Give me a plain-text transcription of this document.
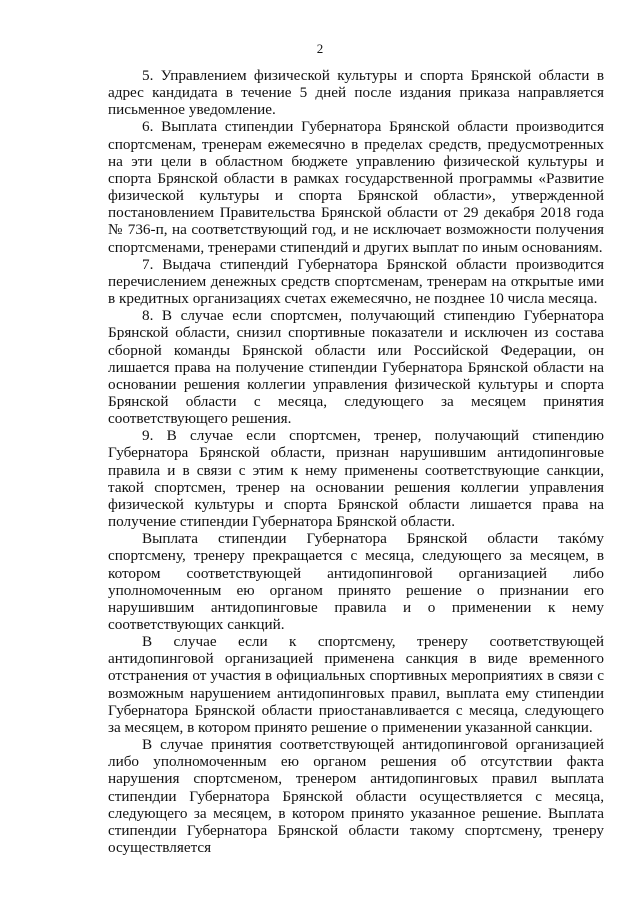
2

5. Управлением физической культуры и спорта Брянской области в адрес кандидата в течение 5 дней после издания приказа направляется письменное уведомление.

6. Выплата стипендии Губернатора Брянской области производится спортсменам, тренерам ежемесячно в пределах средств, предусмотренных на эти цели в областном бюджете управлению физической культуры и спорта Брянской области в рамках государственной программы «Развитие физической культуры и спорта Брянской области», утвержденной постановлением Правительства Брянской области от 29 декабря 2018 года № 736-п, на соответствующий год, и не исключает возможности получения спортсменами, тренерами стипендий и других выплат по иным основаниям.

7. Выдача стипендий Губернатора Брянской области производится перечислением денежных средств спортсменам, тренерам на открытые ими в кредитных организациях счетах ежемесячно, не позднее 10 числа месяца.

8. В случае если спортсмен, получающий стипендию Губернатора Брянской области, снизил спортивные показатели и исключен из состава сборной команды Брянской области или Российской Федерации, он лишается права на получение стипендии Губернатора Брянской области на основании решения коллегии управления физической культуры и спорта Брянской области с месяца, следующего за месяцем принятия соответствующего решения.

9. В случае если спортсмен, тренер, получающий стипендию Губернатора Брянской области, признан нарушившим антидопинговые правила и в связи с этим к нему применены соответствующие санкции, такой спортсмен, тренер на основании решения коллегии управления физической культуры и спорта Брянской области лишается права на получение стипендии Губернатора Брянской области.

Выплата стипендии Губернатора Брянской области такóму спортсмену, тренеру прекращается с месяца, следующего за месяцем, в котором соответствующей антидопинговой организацией либо уполномоченным ею органом принято решение о признании его нарушившим антидопинговые правила и о применении к нему соответствующих санкций.

В случае если к спортсмену, тренеру соответствующей антидопинговой организацией применена санкция в виде временного отстранения от участия в официальных спортивных мероприятиях в связи с возможным нарушением антидопинговых правил, выплата ему стипендии Губернатора Брянской области приостанавливается с месяца, следующего за месяцем, в котором принято решение о применении указанной санкции.

В случае принятия соответствующей антидопинговой организацией либо уполномоченным ею органом решения об отсутствии факта нарушения спортсменом, тренером антидопинговых правил выплата стипендии Губернатора Брянской области осуществляется с месяца, следующего за месяцем, в котором принято указанное решение. Выплата стипендии Губернатора Брянской области такому спортсмену, тренеру осуществляется
